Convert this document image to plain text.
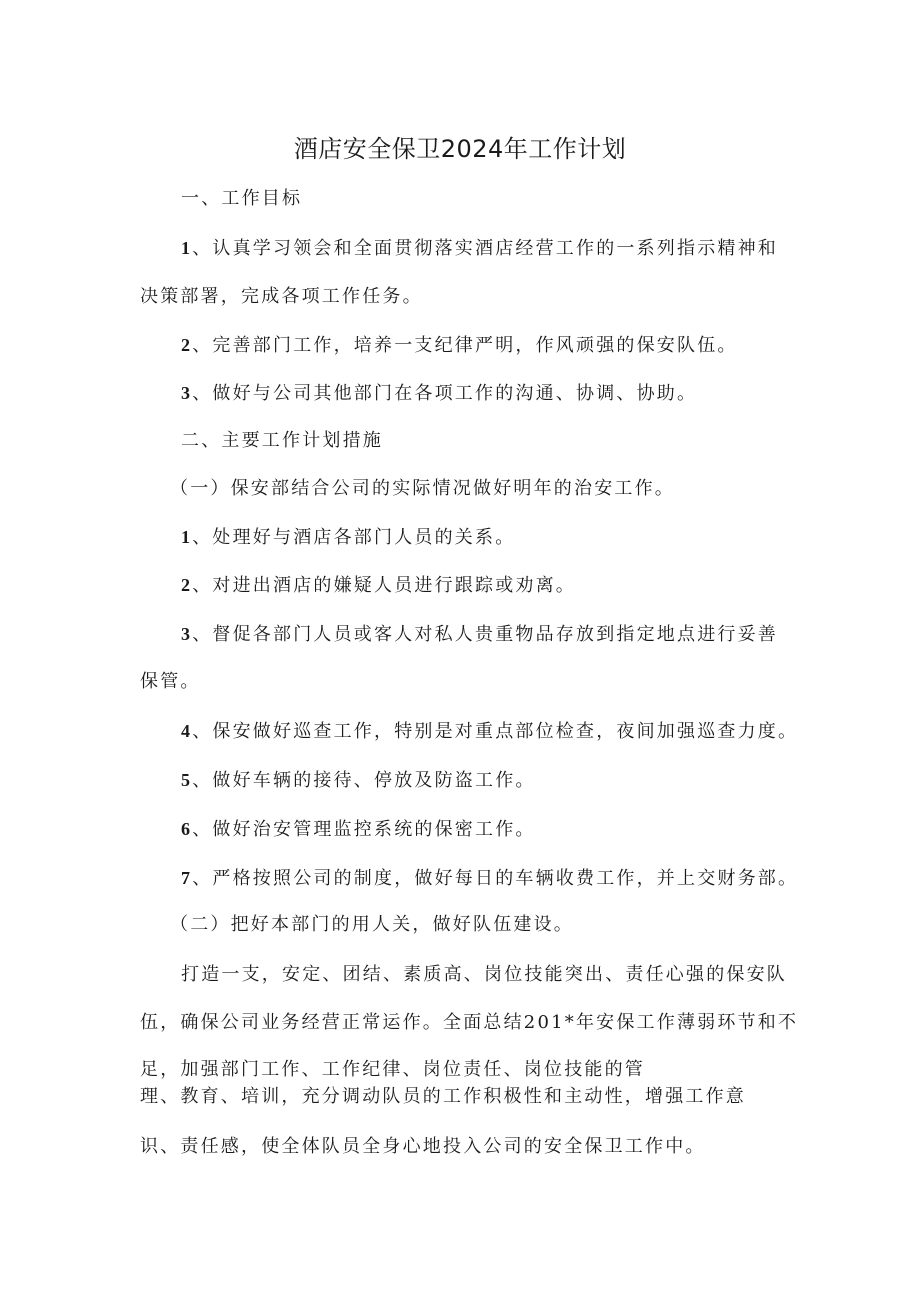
酒店安全保卫2024年工作计划
一、工作目标
1、认真学习领会和全面贯彻落实酒店经营工作的一系列指示精神和
决策部署，完成各项工作任务。
2、完善部门工作，培养一支纪律严明，作风顽强的保安队伍。
3、做好与公司其他部门在各项工作的沟通、协调、协助。
二、主要工作计划措施
（一）保安部结合公司的实际情况做好明年的治安工作。
1、处理好与酒店各部门人员的关系。
2、对进出酒店的嫌疑人员进行跟踪或劝离。
3、督促各部门人员或客人对私人贵重物品存放到指定地点进行妥善
保管。
4、保安做好巡查工作，特别是对重点部位检查，夜间加强巡查力度。
5、做好车辆的接待、停放及防盗工作。
6、做好治安管理监控系统的保密工作。
7、严格按照公司的制度，做好每日的车辆收费工作，并上交财务部。
（二）把好本部门的用人关，做好队伍建设。
打造一支，安定、团结、素质高、岗位技能突出、责任心强的保安队
伍，确保公司业务经营正常运作。全面总结201*年安保工作薄弱环节和不
足，加强部门工作、工作纪律、岗位责任、岗位技能的管
理、教育、培训，充分调动队员的工作积极性和主动性，增强工作意
识、责任感，使全体队员全身心地投入公司的安全保卫工作中。
